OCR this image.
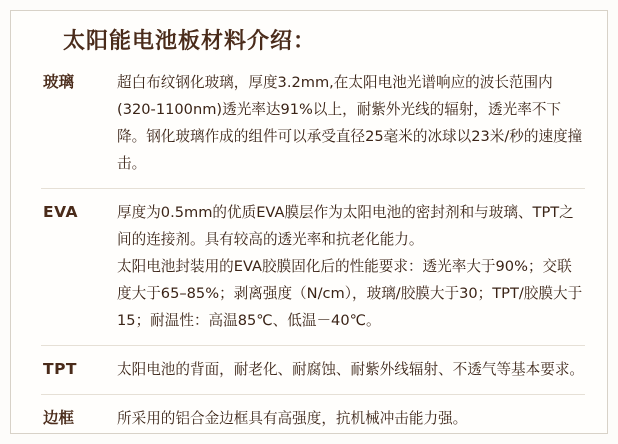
太阳能电池板材料介绍：
玻璃	超白布纹钢化玻璃，厚度3.2mm,在太阳电池光谱响应的波长范围内(320-1100nm)透光率达91%以上，耐紫外光线的辐射，透光率不下降。钢化玻璃作成的组件可以承受直径25毫米的冰球以23米/秒的速度撞击。

EVA	厚度为0.5mm的优质EVA膜层作为太阳电池的密封剂和与玻璃、TPT之间的连接剂。具有较高的透光率和抗老化能力。

太阳电池封装用的EVA胶膜固化后的性能要求：透光率大于90%；交联度大于65–85%；剥离强度（N/cm），玻璃/胶膜大于30；TPT/胶膜大于15；耐温性：高温85℃、低温－40℃。

TPT	太阳电池的背面，耐老化、耐腐蚀、耐紫外线辐射、不透气等基本要求。

边框	所采用的铝合金边框具有高强度，抗机械冲击能力强。
